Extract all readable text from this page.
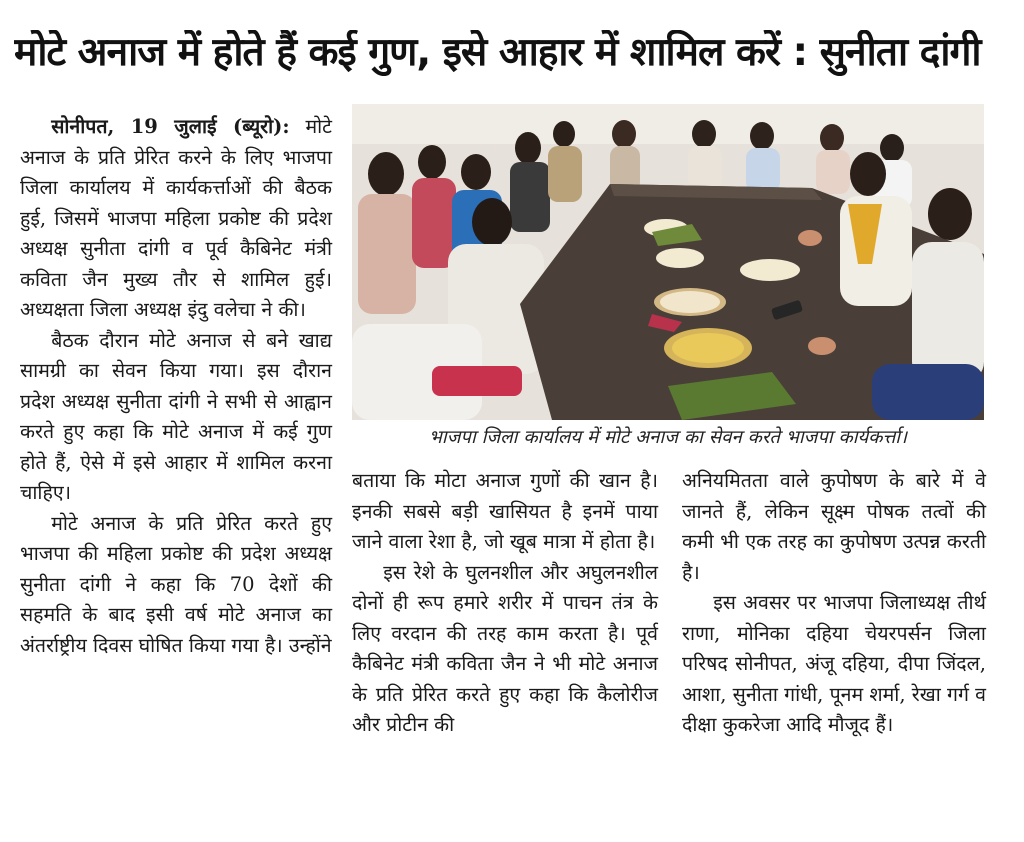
मोटे अनाज में होते हैं कई गुण, इसे आहार में शामिल करें : सुनीता दांगी

सोनीपत, 19 जुलाई (ब्यूरो): मोटे अनाज के प्रति प्रेरित करने के लिए भाजपा जिला कार्यालय में कार्यकर्त्ताओं की बैठक हुई, जिसमें भाजपा महिला प्रकोष्ट की प्रदेश अध्यक्ष सुनीता दांगी व पूर्व कैबिनेट मंत्री कविता जैन मुख्य तौर से शामिल हुई। अध्यक्षता जिला अध्यक्ष इंदु वलेचा ने की।

बैठक दौरान मोटे अनाज से बने खाद्य सामग्री का सेवन किया गया। इस दौरान प्रदेश अध्यक्ष सुनीता दांगी ने सभी से आह्वान करते हुए कहा कि मोटे अनाज में कई गुण होते हैं, ऐसे में इसे आहार में शामिल करना चाहिए।

मोटे अनाज के प्रति प्रेरित करते हुए भाजपा की महिला प्रकोष्ट की प्रदेश अध्यक्ष सुनीता दांगी ने कहा कि 70 देशों की सहमति के बाद इसी वर्ष मोटे अनाज का अंतर्राष्ट्रीय दिवस घोषित किया गया है। उन्होंने

भाजपा जिला कार्यालय में मोटे अनाज का सेवन करते भाजपा कार्यकर्त्ता।

बताया कि मोटा अनाज गुणों की खान है। इनकी सबसे बड़ी खासियत है इनमें पाया जाने वाला रेशा है, जो खूब मात्रा में होता है।

इस रेशे के घुलनशील और अघुलनशील दोनों ही रूप हमारे शरीर में पाचन तंत्र के लिए वरदान की तरह काम करता है। पूर्व कैबिनेट मंत्री कविता जैन ने भी मोटे अनाज के प्रति प्रेरित करते हुए कहा कि कैलोरीज और प्रोटीन की

अनियमितता वाले कुपोषण के बारे में वे जानते हैं, लेकिन सूक्ष्म पोषक तत्वों की कमी भी एक तरह का कुपोषण उत्पन्न करती है।

इस अवसर पर भाजपा जिलाध्यक्ष तीर्थ राणा, मोनिका दहिया चेयरपर्सन जिला परिषद सोनीपत, अंजू दहिया, दीपा जिंदल, आशा, सुनीता गांधी, पूनम शर्मा, रेखा गर्ग व दीक्षा कुकरेजा आदि मौजूद हैं।
